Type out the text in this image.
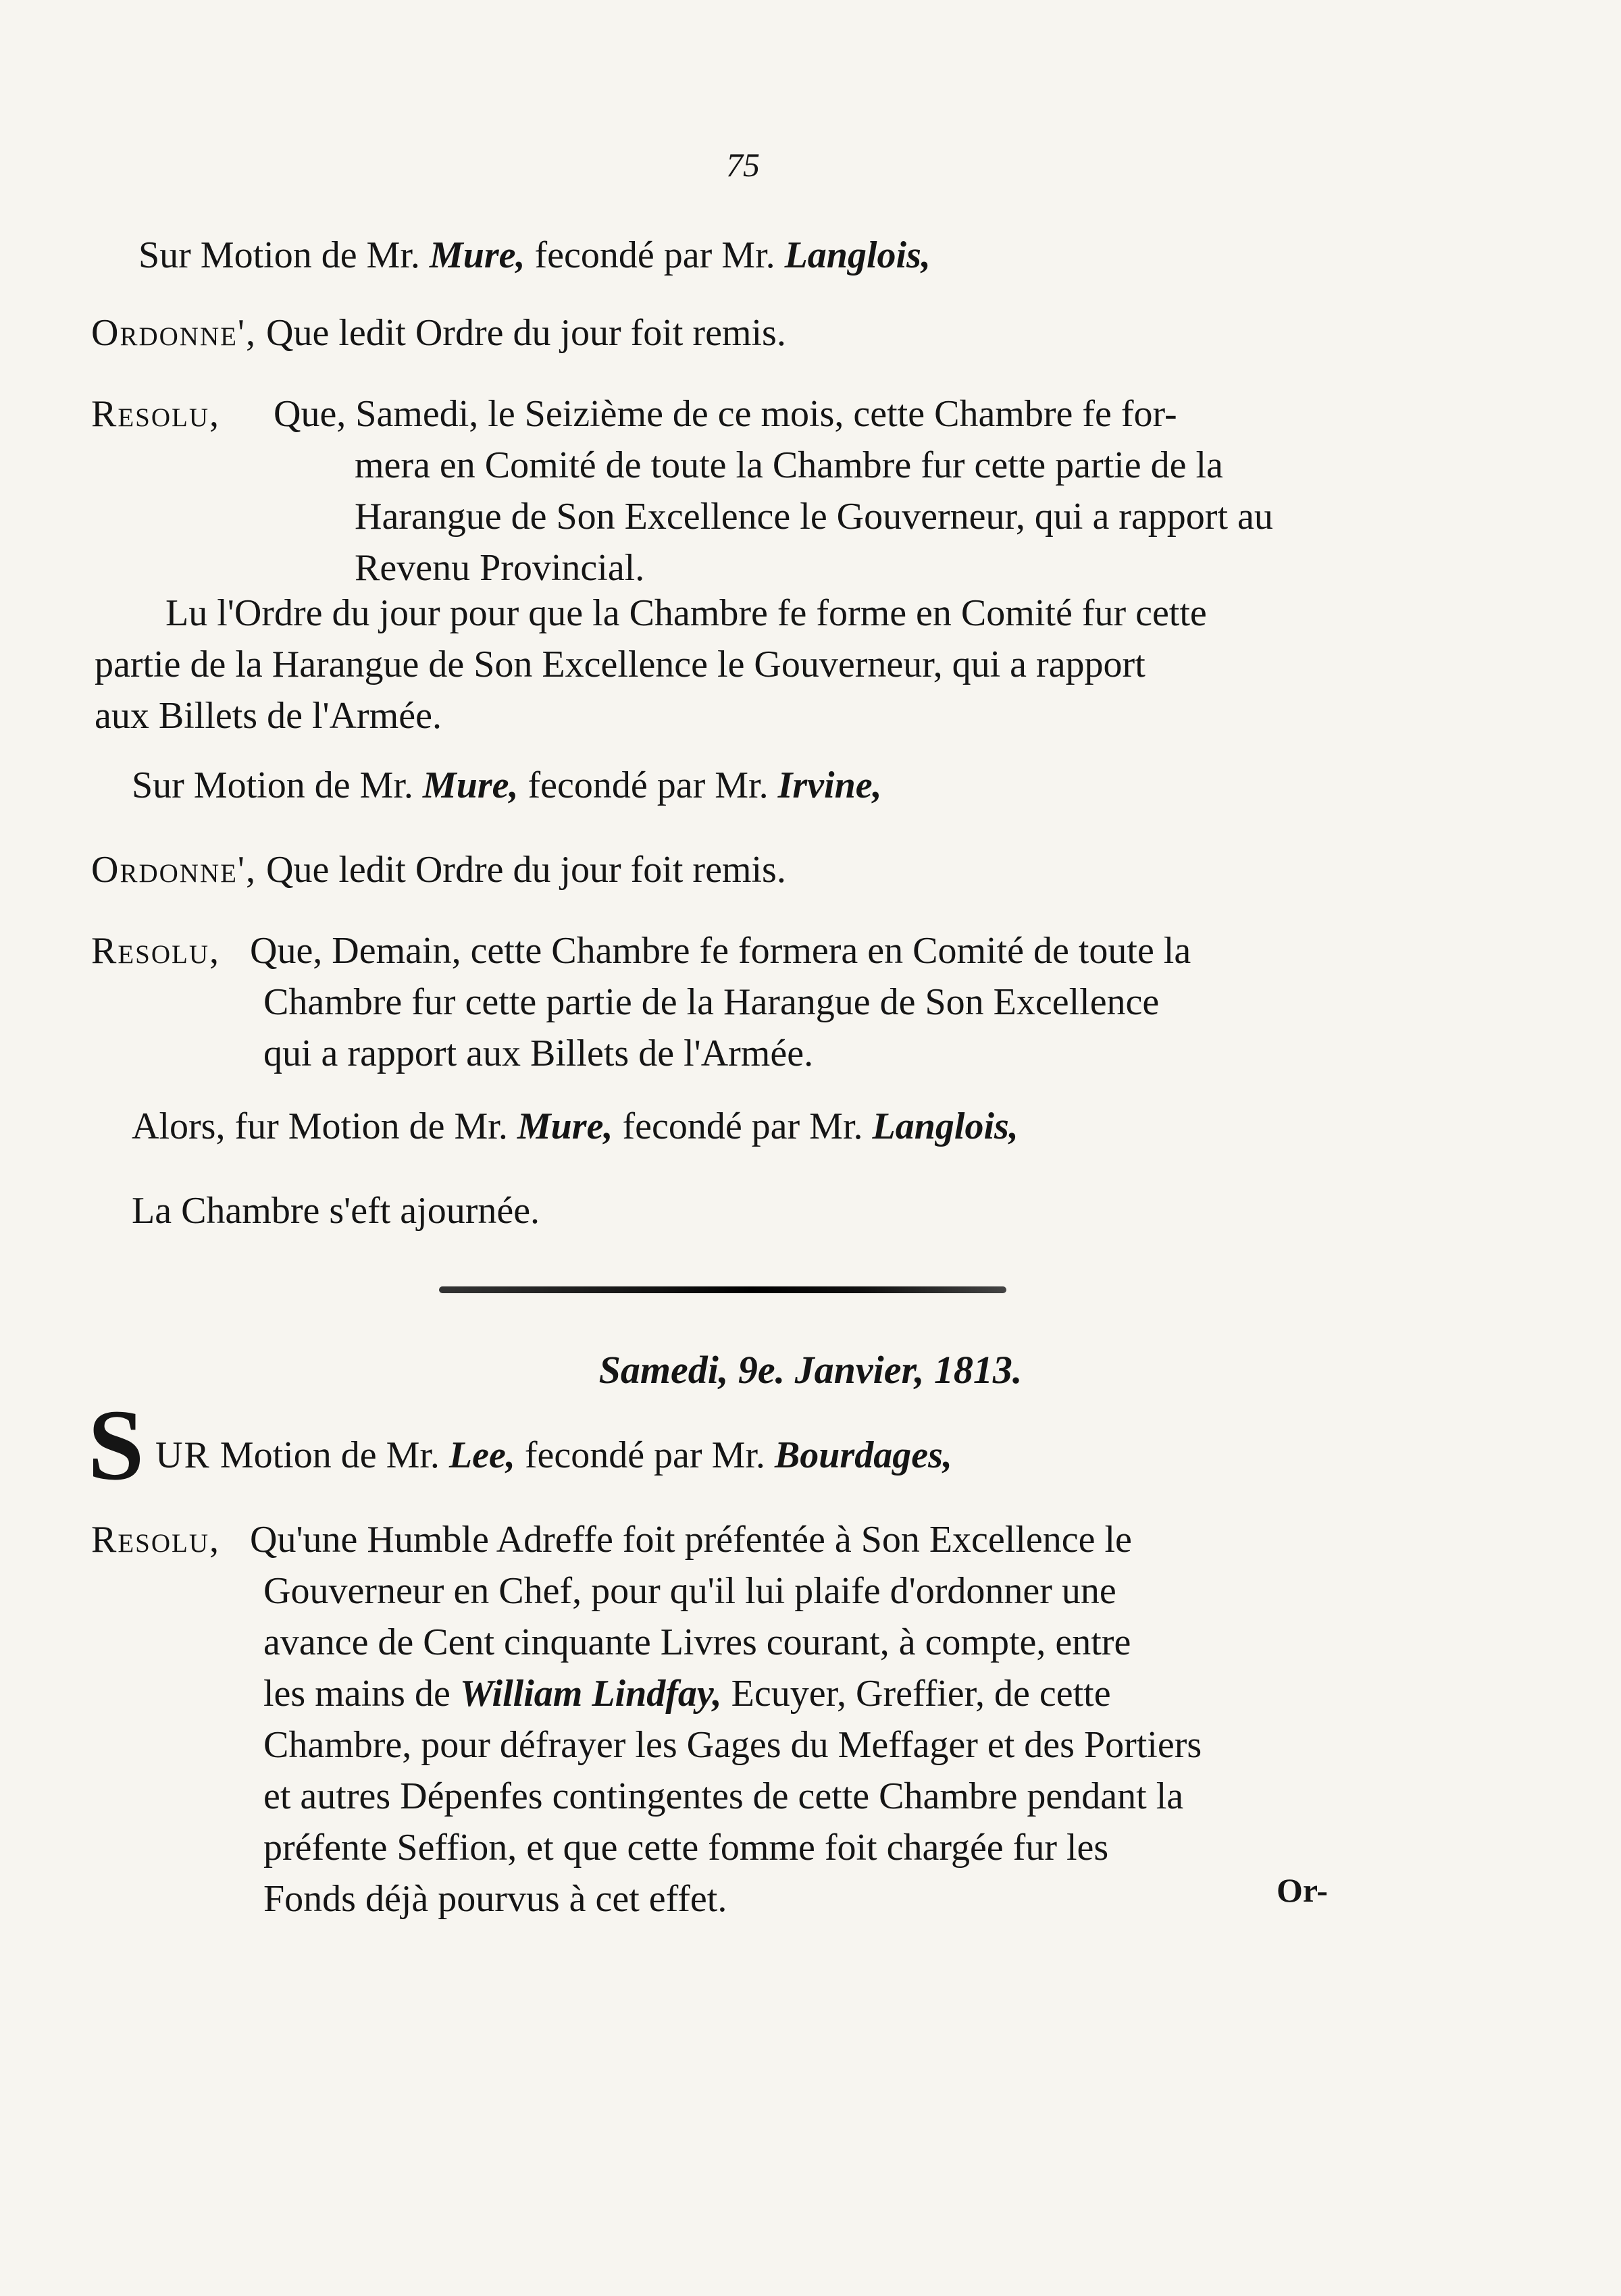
75
Sur Motion de Mr. Mure, fecondé par Mr. Langlois,
Ordonne', Que ledit Ordre du jour foit remis.
Resolu, Que, Samedi, le Seizième de ce mois, cette Chambre fe for-
mera en Comité de toute la Chambre fur cette partie de la
Harangue de Son Excellence le Gouverneur, qui a rapport au
Revenu Provincial.
Lu l'Ordre du jour pour que la Chambre fe forme en Comité fur cette
partie de la Harangue de Son Excellence le Gouverneur, qui a rapport
aux Billets de l'Armée.
Sur Motion de Mr. Mure, fecondé par Mr. Irvine,
Ordonne', Que ledit Ordre du jour foit remis.
Resolu, Que, Demain, cette Chambre fe formera en Comité de toute la
Chambre fur cette partie de la Harangue de Son Excellence
qui a rapport aux Billets de l'Armée.
Alors, fur Motion de Mr. Mure, fecondé par Mr. Langlois,
La Chambre s'eft ajournée.
Samedi, 9e. Janvier, 1813.
S UR Motion de Mr. Lee, fecondé par Mr. Bourdages,
Resolu, Qu'une Humble Adreffe foit préfentée à Son Excellence le
Gouverneur en Chef, pour qu'il lui plaife d'ordonner une
avance de Cent cinquante Livres courant, à compte, entre
les mains de William Lindfay, Ecuyer, Greffier, de cette
Chambre, pour défrayer les Gages du Meffager et des Portiers
et autres Dépenfes contingentes de cette Chambre pendant la
préfente Seffion, et que cette fomme foit chargée fur les
Fonds déjà pourvus à cet effet.	Or-
